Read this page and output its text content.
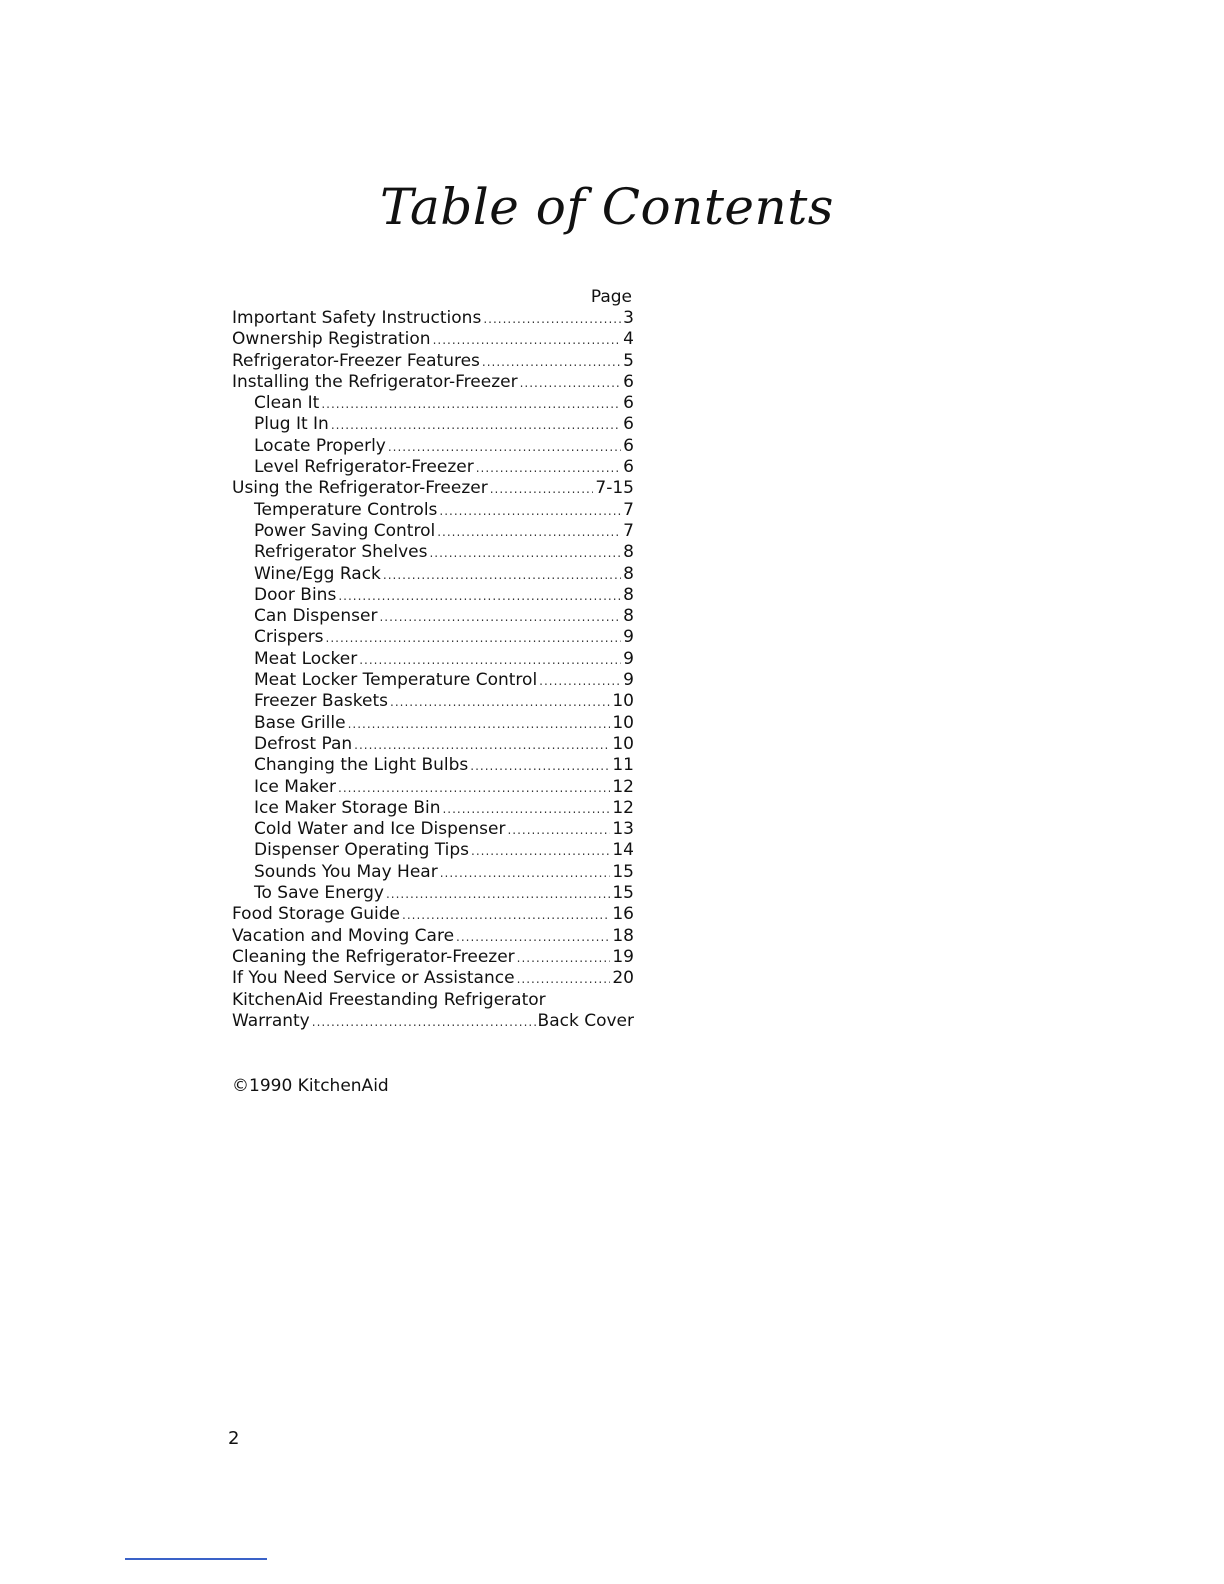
Table of Contents
Page
Important Safety Instructions .....	3
Ownership Registration .....	4
Refrigerator-Freezer Features .....	5
Installing the Refrigerator-Freezer .....	6
Clean It .....	6
Plug It In .....	6
Locate Properly .....	6
Level Refrigerator-Freezer .....	6
Using the Refrigerator-Freezer .....	7-15
Temperature Controls .....	7
Power Saving Control .....	7
Refrigerator Shelves .....	8
Wine/Egg Rack .....	8
Door Bins .....	8
Can Dispenser .....	8
Crispers .....	9
Meat Locker .....	9
Meat Locker Temperature Control .....	9
Freezer Baskets .....	10
Base Grille .....	10
Defrost Pan .....	10
Changing the Light Bulbs .....	11
Ice Maker .....	12
Ice Maker Storage Bin .....	12
Cold Water and Ice Dispenser .....	13
Dispenser Operating Tips .....	14
Sounds You May Hear .....	15
To Save Energy .....	15
Food Storage Guide .....	16
Vacation and Moving Care .....	18
Cleaning the Refrigerator-Freezer .....	19
If You Need Service or Assistance .....	20
KitchenAid Freestanding Refrigerator
Warranty .....	Back Cover
©1990 KitchenAid
2
